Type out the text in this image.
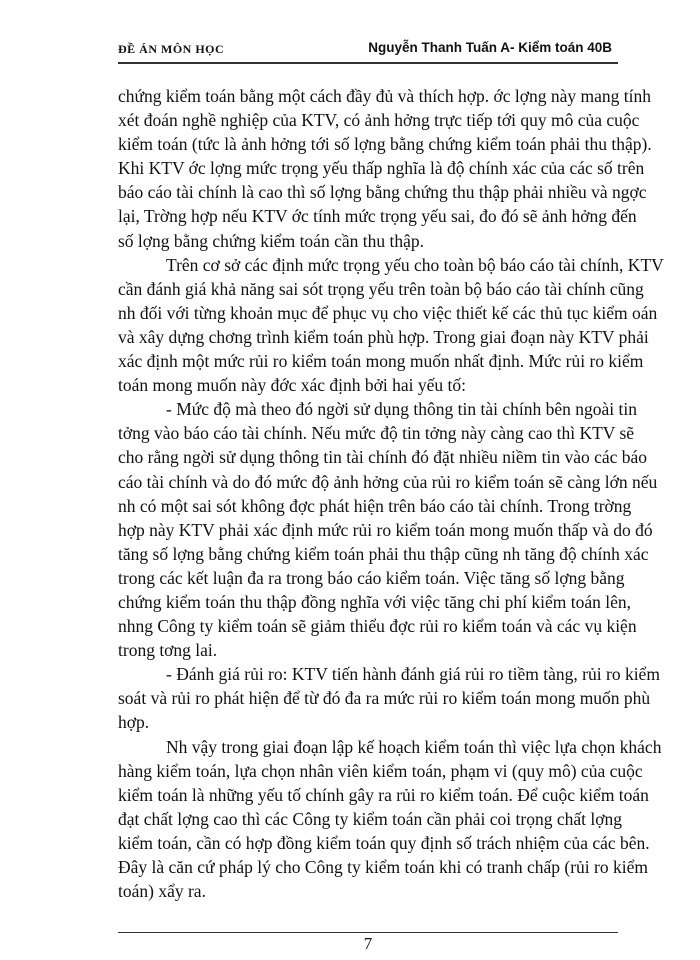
ĐỀ ÁN MÔN HỌC	Nguyễn Thanh Tuấn A- Kiểm toán 40B
chứng kiểm toán bằng một cách đầy đủ và thích hợp. ớc lợng này mang tính
xét đoán nghề nghiệp của KTV, có ảnh hởng trực tiếp tới quy mô của cuộc
kiểm toán (tức là ảnh hởng tới số lợng bằng chứng kiểm toán phải thu thập).
Khi KTV ớc lợng mức trọng yếu thấp nghĩa là độ chính xác của các số trên
báo cáo tài chính là cao thì số lợng bằng chứng thu thập phải nhiều và ngợc
lại, Trờng hợp nếu KTV ớc tính mức trọng yếu sai, đo đó sẽ ảnh hởng đến
số lợng bằng chứng kiểm toán cần thu thập.
Trên cơ sở các định mức trọng yếu cho toàn bộ báo cáo tài chính, KTV
cần đánh giá khả năng sai sót trọng yếu trên toàn bộ báo cáo tài chính cũng
nh đối với từng khoản mục để phục vụ cho việc thiết kế các thủ tục kiểm oán
và xây dựng chơng trình kiểm toán phù hợp. Trong giai đoạn này KTV phải
xác định một mức rủi ro kiểm toán mong muốn nhất định. Mức rủi ro kiểm
toán mong muốn này đớc xác định bởi hai yếu tố:
- Mức độ mà theo đó ngời sử dụng thông tin tài chính bên ngoài tin
tởng vào báo cáo tài chính. Nếu mức độ tin tởng này càng cao thì KTV sẽ
cho rằng ngời sử dụng thông tin tài chính đó đặt nhiều niềm tin vào các báo
cáo tài chính và do đó mức độ ảnh hởng của rủi ro kiểm toán sẽ càng lớn nếu
nh có một sai sót không đợc phát hiện trên báo cáo tài chính. Trong trờng
hợp này KTV phải xác định mức rủi ro kiểm toán mong muốn thấp và do đó
tăng số lợng bằng chứng kiểm toán phải thu thập cũng nh tăng độ chính xác
trong các kết luận đa ra trong báo cáo kiểm toán. Việc tăng số lợng bằng
chứng kiểm toán thu thập đồng nghĩa với việc tăng chi phí kiểm toán lên,
nhng Công ty kiểm toán sẽ giảm thiểu đợc rủi ro kiểm toán và các vụ kiện
trong tơng lai.
- Đánh giá rủi ro: KTV tiến hành đánh giá rủi ro tiềm tàng, rủi ro kiểm
soát và rủi ro phát hiện để từ đó đa ra mức rủi ro kiểm toán mong muốn phù
hợp.
Nh vậy trong giai đoạn lập kế hoạch kiểm toán thì việc lựa chọn khách
hàng kiểm toán, lựa chọn nhân viên kiểm toán, phạm vi (quy mô) của cuộc
kiểm toán là những yếu tố chính gây ra rủi ro kiểm toán. Để cuộc kiểm toán
đạt chất lợng cao thì các Công ty kiểm toán cần phải coi trọng chất lợng
kiểm toán, cần có hợp đồng kiểm toán quy định số trách nhiệm của các bên.
Đây là căn cứ pháp lý cho Công ty kiểm toán khi có tranh chấp (rủi ro kiểm
toán) xẩy ra.
7
